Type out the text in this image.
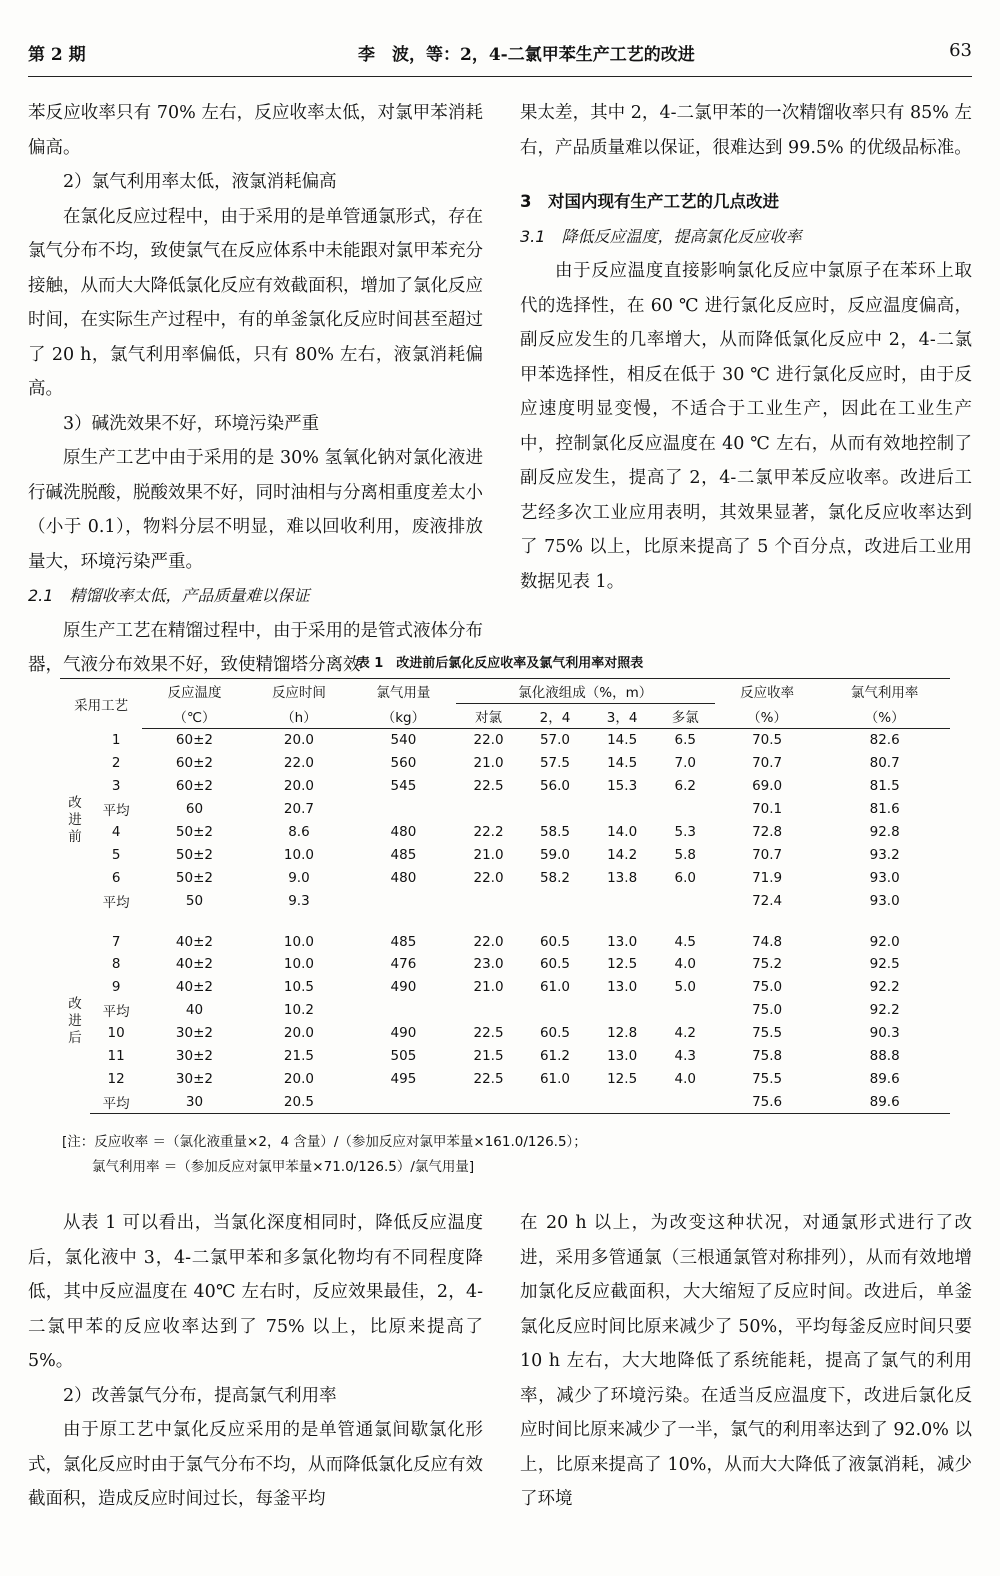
第 2 期	李　波，等：2，4-二氯甲苯生产工艺的改进	63

苯反应收率只有 70% 左右，反应收率太低，对氯甲苯消耗偏高。

2）氯气利用率太低，液氯消耗偏高

在氯化反应过程中，由于采用的是单管通氯形式，存在氯气分布不均，致使氯气在反应体系中未能跟对氯甲苯充分接触，从而大大降低氯化反应有效截面积，增加了氯化反应时间，在实际生产过程中，有的单釜氯化反应时间甚至超过了 20 h，氯气利用率偏低，只有 80% 左右，液氯消耗偏高。

3）碱洗效果不好，环境污染严重

原生产工艺中由于采用的是 30% 氢氧化钠对氯化液进行碱洗脱酸，脱酸效果不好，同时油相与分离相重度差太小（小于 0.1），物料分层不明显，难以回收利用，废液排放量大，环境污染严重。

2.1　精馏收率太低，产品质量难以保证

原生产工艺在精馏过程中，由于采用的是管式液体分布器，气液分布效果不好，致使精馏塔分离效

果太差，其中 2，4-二氯甲苯的一次精馏收率只有 85% 左右，产品质量难以保证，很难达到 99.5% 的优级品标准。

3　对国内现有生产工艺的几点改进

3.1　降低反应温度，提高氯化反应收率

由于反应温度直接影响氯化反应中氯原子在苯环上取代的选择性，在 60 ℃ 进行氯化反应时，反应温度偏高，副反应发生的几率增大，从而降低氯化反应中 2，4-二氯甲苯选择性，相反在低于 30 ℃ 进行氯化反应时，由于反应速度明显变慢，不适合于工业生产，因此在工业生产中，控制氯化反应温度在 40 ℃ 左右，从而有效地控制了副反应发生，提高了 2，4-二氯甲苯反应收率。改进后工艺经多次工业应用表明，其效果显著，氯化反应收率达到了 75% 以上，比原来提高了 5 个百分点，改进后工业用数据见表 1。

表 1　改进前后氯化反应收率及氯气利用率对照表
采用工艺		反应温度	反应时间	氯气用量	氯化液组成（%，m）				反应收率	氯气利用率
		（℃）	（h）	（kg）	对氯	2，4	3，4	多氯	（%）	（%）
改进前	1	60±2	20.0	540	22.0	57.0	14.5	6.5	70.5	82.6
	2	60±2	22.0	560	21.0	57.5	14.5	7.0	70.7	80.7
	3	60±2	20.0	545	22.5	56.0	15.3	6.2	69.0	81.5
	平均	60	20.7						70.1	81.6
	4	50±2	8.6	480	22.2	58.5	14.0	5.3	72.8	92.8
	5	50±2	10.0	485	21.0	59.0	14.2	5.8	70.7	93.2
	6	50±2	9.0	480	22.0	58.2	13.8	6.0	71.9	93.0
	平均	50	9.3						72.4	93.0

改进后	7	40±2	10.0	485	22.0	60.5	13.0	4.5	74.8	92.0
	8	40±2	10.0	476	23.0	60.5	12.5	4.0	75.2	92.5
	9	40±2	10.5	490	21.0	61.0	13.0	5.0	75.0	92.2
	平均	40	10.2						75.0	92.2
	10	30±2	20.0	490	22.5	60.5	12.8	4.2	75.5	90.3
	11	30±2	21.5	505	21.5	61.2	13.0	4.3	75.8	88.8
	12	30±2	20.0	495	22.5	61.0	12.5	4.0	75.5	89.6
	平均	30	20.5						75.6	89.6
[注：反应收率 ＝（氯化液重量×2，4 含量）/（参加反应对氯甲苯量×161.0/126.5）；
氯气利用率 ＝（参加反应对氯甲苯量×71.0/126.5）/氯气用量]

从表 1 可以看出，当氯化深度相同时，降低反应温度后，氯化液中 3，4-二氯甲苯和多氯化物均有不同程度降低，其中反应温度在 40℃ 左右时，反应效果最佳，2，4-二氯甲苯的反应收率达到了 75% 以上，比原来提高了 5%。

2）改善氯气分布，提高氯气利用率

由于原工艺中氯化反应采用的是单管通氯间歇氯化形式，氯化反应时由于氯气分布不均，从而降低氯化反应有效截面积，造成反应时间过长，每釜平均

在 20 h 以上，为改变这种状况，对通氯形式进行了改进，采用多管通氯（三根通氯管对称排列），从而有效地增加氯化反应截面积，大大缩短了反应时间。改进后，单釜氯化反应时间比原来减少了 50%，平均每釜反应时间只要 10 h 左右，大大地降低了系统能耗，提高了氯气的利用率，减少了环境污染。在适当反应温度下，改进后氯化反应时间比原来减少了一半，氯气的利用率达到了 92.0% 以上，比原来提高了 10%，从而大大降低了液氯消耗，减少了环境
